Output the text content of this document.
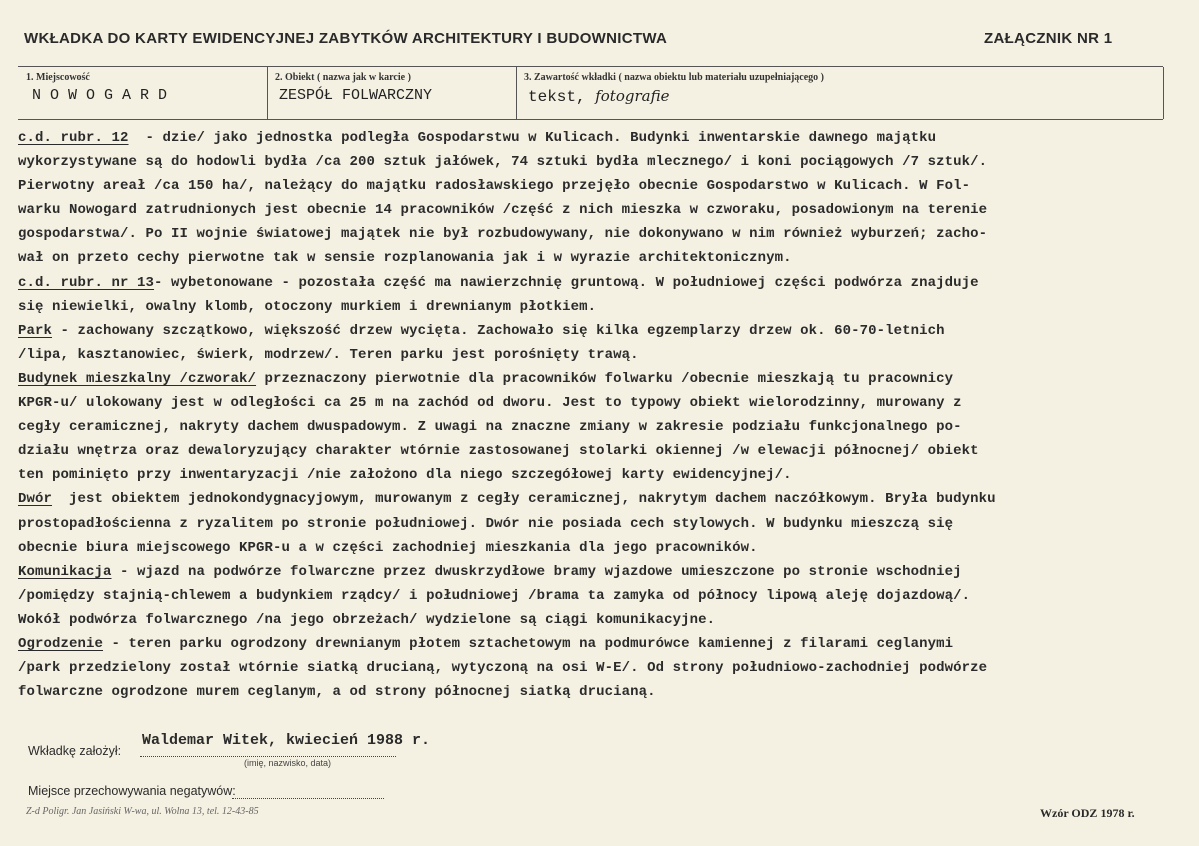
WKŁADKA DO KARTY EWIDENCYJNEJ ZABYTKÓW ARCHITEKTURY I BUDOWNICTWA	ZAŁĄCZNIK NR 1
1. Miejscowość
NOWOGARD
2. Obiekt ( nazwa jak w karcie )
ZESPÓŁ FOLWARCZNY
3. Zawartość wkładki ( nazwa obiektu lub materiału uzupełniającego )
tekst, fotografie
c.d. rubr. 12  - dzie/ jako jednostka podległa Gospodarstwu w Kulicach. Budynki inwentarskie dawnego majątku
wykorzystywane są do hodowli bydła /ca 200 sztuk jałówek, 74 sztuki bydła mlecznego/ i koni pociągowych /7 sztuk/.
Pierwotny areał /ca 150 ha/, należący do majątku radosławskiego przejęło obecnie Gospodarstwo w Kulicach. W Fol-
warku Nowogard zatrudnionych jest obecnie 14 pracowników /część z nich mieszka w czworaku, posadowionym na terenie
gospodarstwa/. Po II wojnie światowej majątek nie był rozbudowywany, nie dokonywano w nim również wyburzeń; zacho-
wał on przeto cechy pierwotne tak w sensie rozplanowania jak i w wyrazie architektonicznym.
c.d. rubr. nr 13- wybetonowane - pozostała część ma nawierzchnię gruntową. W południowej części podwórza znajduje
się niewielki, owalny klomb, otoczony murkiem i drewnianym płotkiem.
Park - zachowany szczątkowo, większość drzew wycięta. Zachowało się kilka egzemplarzy drzew ok. 60-70-letnich
/lipa, kasztanowiec, świerk, modrzew/. Teren parku jest porośnięty trawą.
Budynek mieszkalny /czworak/ przeznaczony pierwotnie dla pracowników folwarku /obecnie mieszkają tu pracownicy
KPGR-u/ ulokowany jest w odległości ca 25 m na zachód od dworu. Jest to typowy obiekt wielorodzinny, murowany z
cegły ceramicznej, nakryty dachem dwuspadowym. Z uwagi na znaczne zmiany w zakresie podziału funkcjonalnego po-
działu wnętrza oraz dewaloryzujący charakter wtórnie zastosowanej stolarki okiennej /w elewacji północnej/ obiekt
ten pominięto przy inwentaryzacji /nie założono dla niego szczegółowej karty ewidencyjnej/.
Dwór  jest obiektem jednokondygnacyjowym, murowanym z cegły ceramicznej, nakrytym dachem naczółkowym. Bryła budynku
prostopadłościenna z ryzalitem po stronie południowej. Dwór nie posiada cech stylowych. W budynku mieszczą się
obecnie biura miejscowego KPGR-u a w części zachodniej mieszkania dla jego pracowników.
Komunikacja - wjazd na podwórze folwarczne przez dwuskrzydłowe bramy wjazdowe umieszczone po stronie wschodniej
/pomiędzy stajnią-chlewem a budynkiem rządcy/ i południowej /brama ta zamyka od północy lipową aleję dojazdową/.
Wokół podwórza folwarcznego /na jego obrzeżach/ wydzielone są ciągi komunikacyjne.
Ogrodzenie - teren parku ogrodzony drewnianym płotem sztachetowym na podmurówce kamiennej z filarami ceglanymi
/park przedzielony został wtórnie siatką drucianą, wytyczoną na osi W-E/. Od strony południowo-zachodniej podwórze
folwarczne ogrodzone murem ceglanym, a od strony północnej siatką drucianą.
Wkładkę założył:
Waldemar Witek, kwiecień 1988 r.
(imię, nazwisko, data)
Miejsce przechowywania negatywów:
Z-d Poligr. Jan Jasiński W-wa, ul. Wolna 13, tel. 12-43-85	Wzór ODZ 1978 r.
